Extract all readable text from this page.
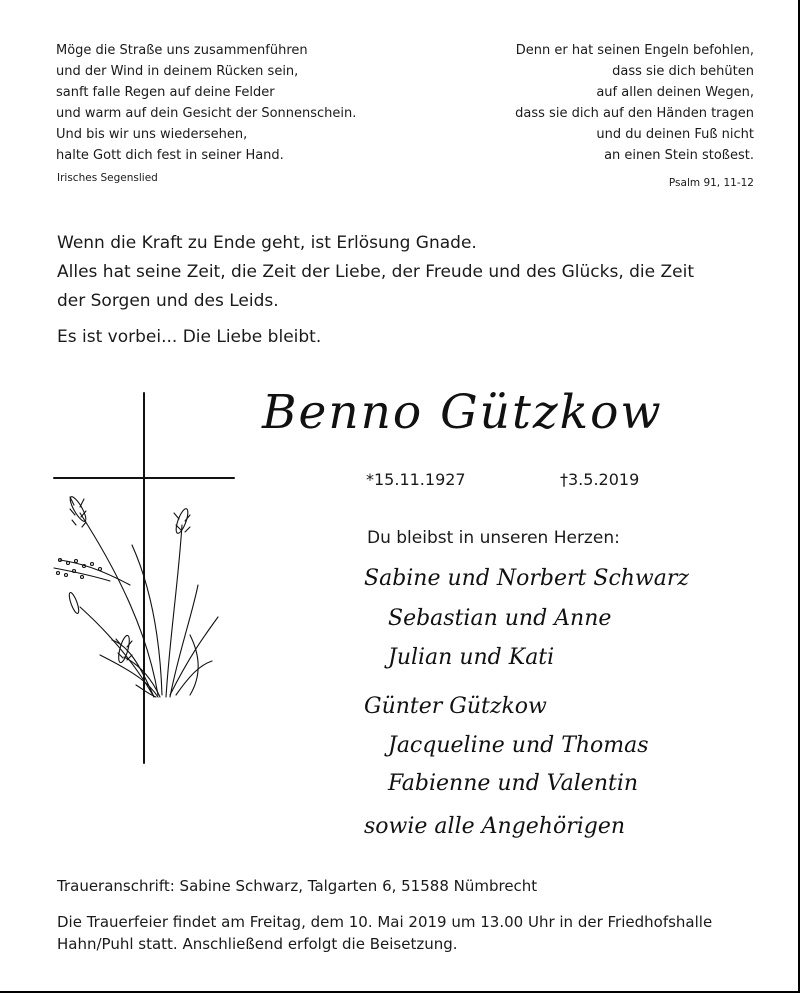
Möge die Straße uns zusammenführen
und der Wind in deinem Rücken sein,
sanft falle Regen auf deine Felder
und warm auf dein Gesicht der Sonnenschein.
Und bis wir uns wiedersehen,
halte Gott dich fest in seiner Hand.
Irisches Segenslied
Denn er hat seinen Engeln befohlen,
dass sie dich behüten
auf allen deinen Wegen,
dass sie dich auf den Händen tragen
und du deinen Fuß nicht
an einen Stein stoßest.
Psalm 91, 11-12
Wenn die Kraft zu Ende geht, ist Erlösung Gnade.
Alles hat seine Zeit, die Zeit der Liebe, der Freude und des Glücks, die Zeit
der Sorgen und des Leids.
Es ist vorbei... Die Liebe bleibt.
Benno Gützkow
*15.11.1927	†3.5.2019
Du bleibst in unseren Herzen:
Sabine und Norbert Schwarz
Sebastian und Anne
Julian und Kati
Günter Gützkow
Jacqueline und Thomas
Fabienne und Valentin
sowie alle Angehörigen
Traueranschrift: Sabine Schwarz, Talgarten 6, 51588 Nümbrecht
Die Trauerfeier findet am Freitag, dem 10. Mai 2019 um 13.00 Uhr in der Friedhofshalle
Hahn/Puhl statt. Anschließend erfolgt die Beisetzung.
